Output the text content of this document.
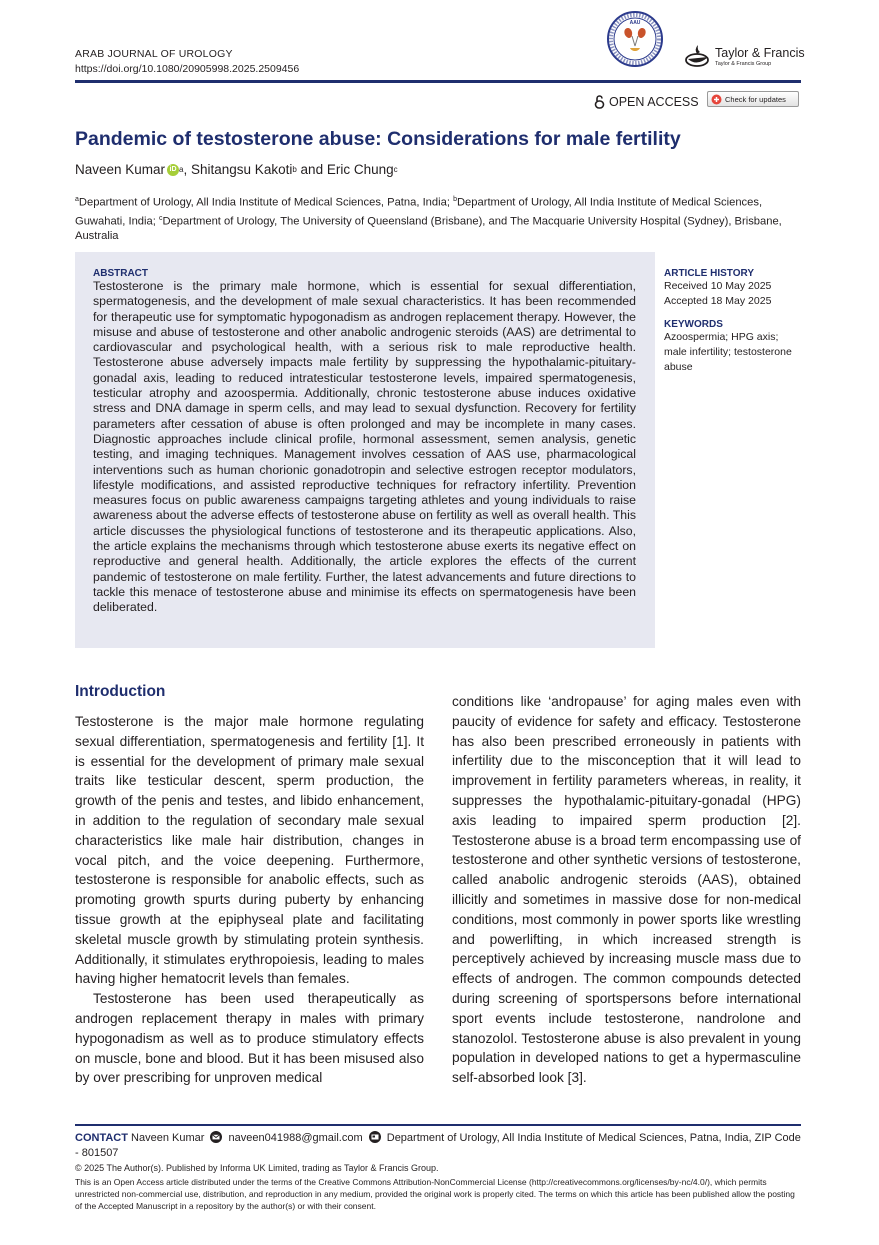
ARAB JOURNAL OF UROLOGY
https://doi.org/10.1080/20905998.2025.2509456
AAU
Taylor & Francis
Taylor & Francis Group
OPEN ACCESS	Check for updates
Pandemic of testosterone abuse: Considerations for male fertility
Naveen Kumar iD a , Shitangsu Kakoti b and Eric Chung c
$^a$Department of Urology, All India Institute of Medical Sciences, Patna, India; $^b$Department of Urology, All India Institute of Medical Sciences, Guwahati, India; $^c$Department of Urology, The University of Queensland (Brisbane), and The Macquarie University Hospital (Sydney), Brisbane, Australia
ABSTRACT
Testosterone is the primary male hormone, which is essential for sexual differentiation, spermatogenesis, and the development of male sexual characteristics. It has been recommended for therapeutic use for symptomatic hypogonadism as androgen replacement therapy. However, the misuse and abuse of testosterone and other anabolic androgenic steroids (AAS) are detrimental to cardiovascular and psychological health, with a serious risk to male reproductive health. Testosterone abuse adversely impacts male fertility by suppressing the hypothalamic-pituitary-gonadal axis, leading to reduced intratesticular testosterone levels, impaired spermatogenesis, testicular atrophy and azoospermia. Additionally, chronic testosterone abuse induces oxidative stress and DNA damage in sperm cells, and may lead to sexual dysfunction. Recovery for fertility parameters after cessation of abuse is often prolonged and may be incomplete in many cases. Diagnostic approaches include clinical profile, hormonal assessment, semen analysis, genetic testing, and imaging techniques. Management involves cessation of AAS use, pharmacological interventions such as human chorionic gonadotropin and selective estrogen receptor modulators, lifestyle modifications, and assisted reproductive techniques for refractory infertility. Prevention measures focus on public awareness campaigns targeting athletes and young individuals to raise awareness about the adverse effects of testosterone abuse on fertility as well as overall health. This article discusses the physiological functions of testosterone and its therapeutic applications. Also, the article explains the mechanisms through which testosterone abuse exerts its negative effect on reproductive and general health. Additionally, the article explores the effects of the current pandemic of testosterone on male fertility. Further, the latest advancements and future directions to tackle this menace of testosterone abuse and minimise its effects on spermatogenesis have been deliberated.
ARTICLE HISTORY
Received 10 May 2025
Accepted 18 May 2025
KEYWORDS
Azoospermia; HPG axis; male infertility; testosterone abuse
Introduction

Testosterone is the major male hormone regulating sexual differentiation, spermatogenesis and fertility [1]. It is essential for the development of primary male sexual traits like testicular descent, sperm production, the growth of the penis and testes, and libido enhancement, in addition to the regulation of secondary male sexual characteristics like male hair distribution, changes in vocal pitch, and the voice deepening. Furthermore, testosterone is responsible for anabolic effects, such as promoting growth spurts during puberty by enhancing tissue growth at the epiphyseal plate and facilitating skeletal muscle growth by stimulating protein synthesis. Additionally, it stimulates erythropoiesis, leading to males having higher hematocrit levels than females.

Testosterone has been used therapeutically as androgen replacement therapy in males with primary hypogonadism as well as to produce stimulatory effects on muscle, bone and blood. But it has been misused also by over prescribing for unproven medical

conditions like ‘andropause’ for aging males even with paucity of evidence for safety and efficacy. Testosterone has also been prescribed erroneously in patients with infertility due to the misconception that it will lead to improvement in fertility parameters whereas, in reality, it suppresses the hypothalamic-pituitary-gonadal (HPG) axis leading to impaired sperm production [2]. Testosterone abuse is a broad term encompassing use of testosterone and other synthetic versions of testosterone, called anabolic androgenic steroids (AAS), obtained illicitly and sometimes in massive dose for non-medical conditions, most commonly in power sports like wrestling and powerlifting, in which increased strength is perceptively achieved by increasing muscle mass due to effects of androgen. The common compounds detected during screening of sportspersons before international sport events include testosterone, nandrolone and stanozolol. Testosterone abuse is also prevalent in young population in developed nations to get a hypermasculine self-absorbed look [3].

CONTACT Naveen Kumar naveen041988@gmail.com Department of Urology, All India Institute of Medical Sciences, Patna, India, ZIP Code - 801507
© 2025 The Author(s). Published by Informa UK Limited, trading as Taylor & Francis Group.
This is an Open Access article distributed under the terms of the Creative Commons Attribution-NonCommercial License (http://creativecommons.org/licenses/by-nc/4.0/), which permits unrestricted non-commercial use, distribution, and reproduction in any medium, provided the original work is properly cited. The terms on which this article has been published allow the posting of the Accepted Manuscript in a repository by the author(s) or with their consent.
